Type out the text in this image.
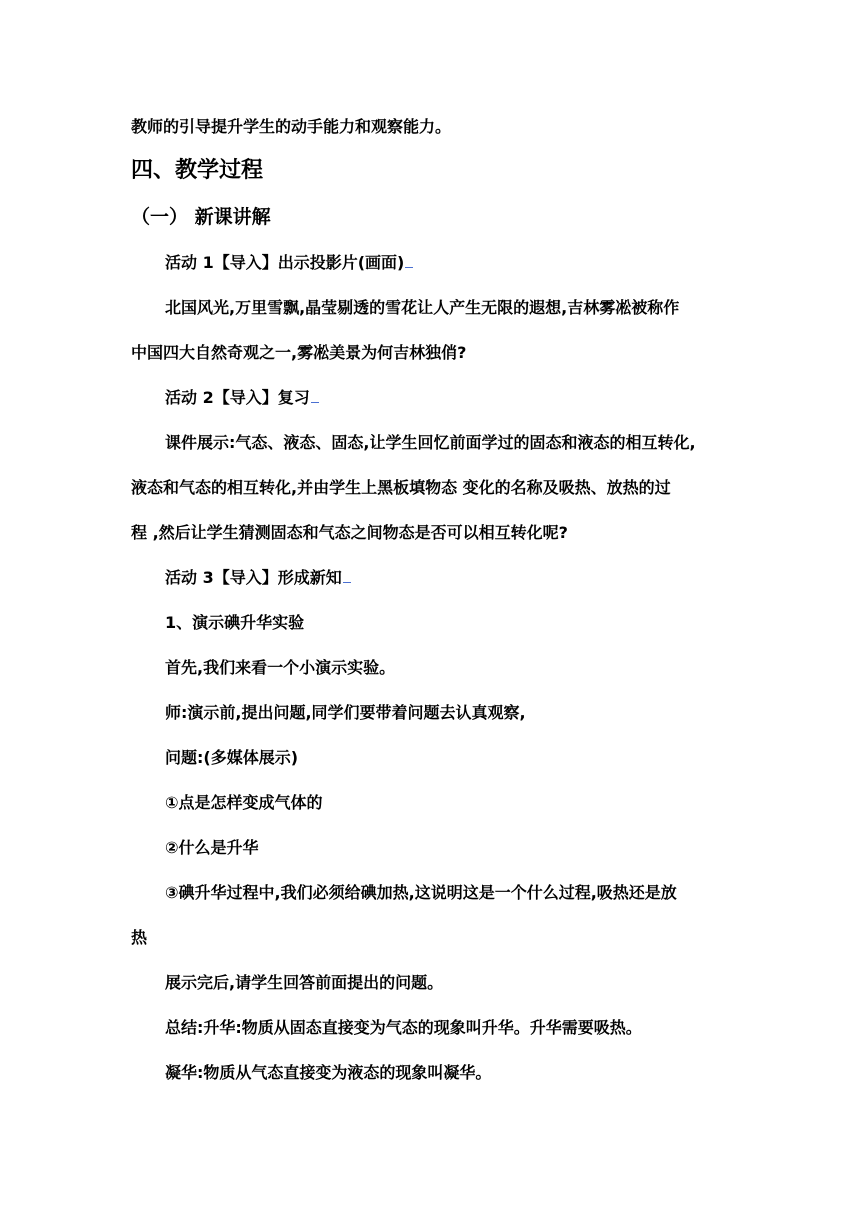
教师的引导提升学生的动手能力和观察能力。
四、教学过程
（一） 新课讲解
活动 1【导入】出示投影片(画面)
北国风光,万里雪飘,晶莹剔透的雪花让人产生无限的遐想,吉林雾凇被称作
中国四大自然奇观之一,雾凇美景为何吉林独俏?
活动 2【导入】复习
课件展示:气态、液态、固态,让学生回忆前面学过的固态和液态的相互转化,
液态和气态的相互转化,并由学生上黑板填物态 变化的名称及吸热、放热的过
程 ,然后让学生猜测固态和气态之间物态是否可以相互转化呢?
活动 3【导入】形成新知
1、演示碘升华实验
首先,我们来看一个小演示实验。
师:演示前,提出问题,同学们要带着问题去认真观察,
问题:(多媒体展示)
①点是怎样变成气体的
②什么是升华
③碘升华过程中,我们必须给碘加热,这说明这是一个什么过程,吸热还是放
热
展示完后,请学生回答前面提出的问题。
总结:升华:物质从固态直接变为气态的现象叫升华。升华需要吸热。
凝华:物质从气态直接变为液态的现象叫凝华。
